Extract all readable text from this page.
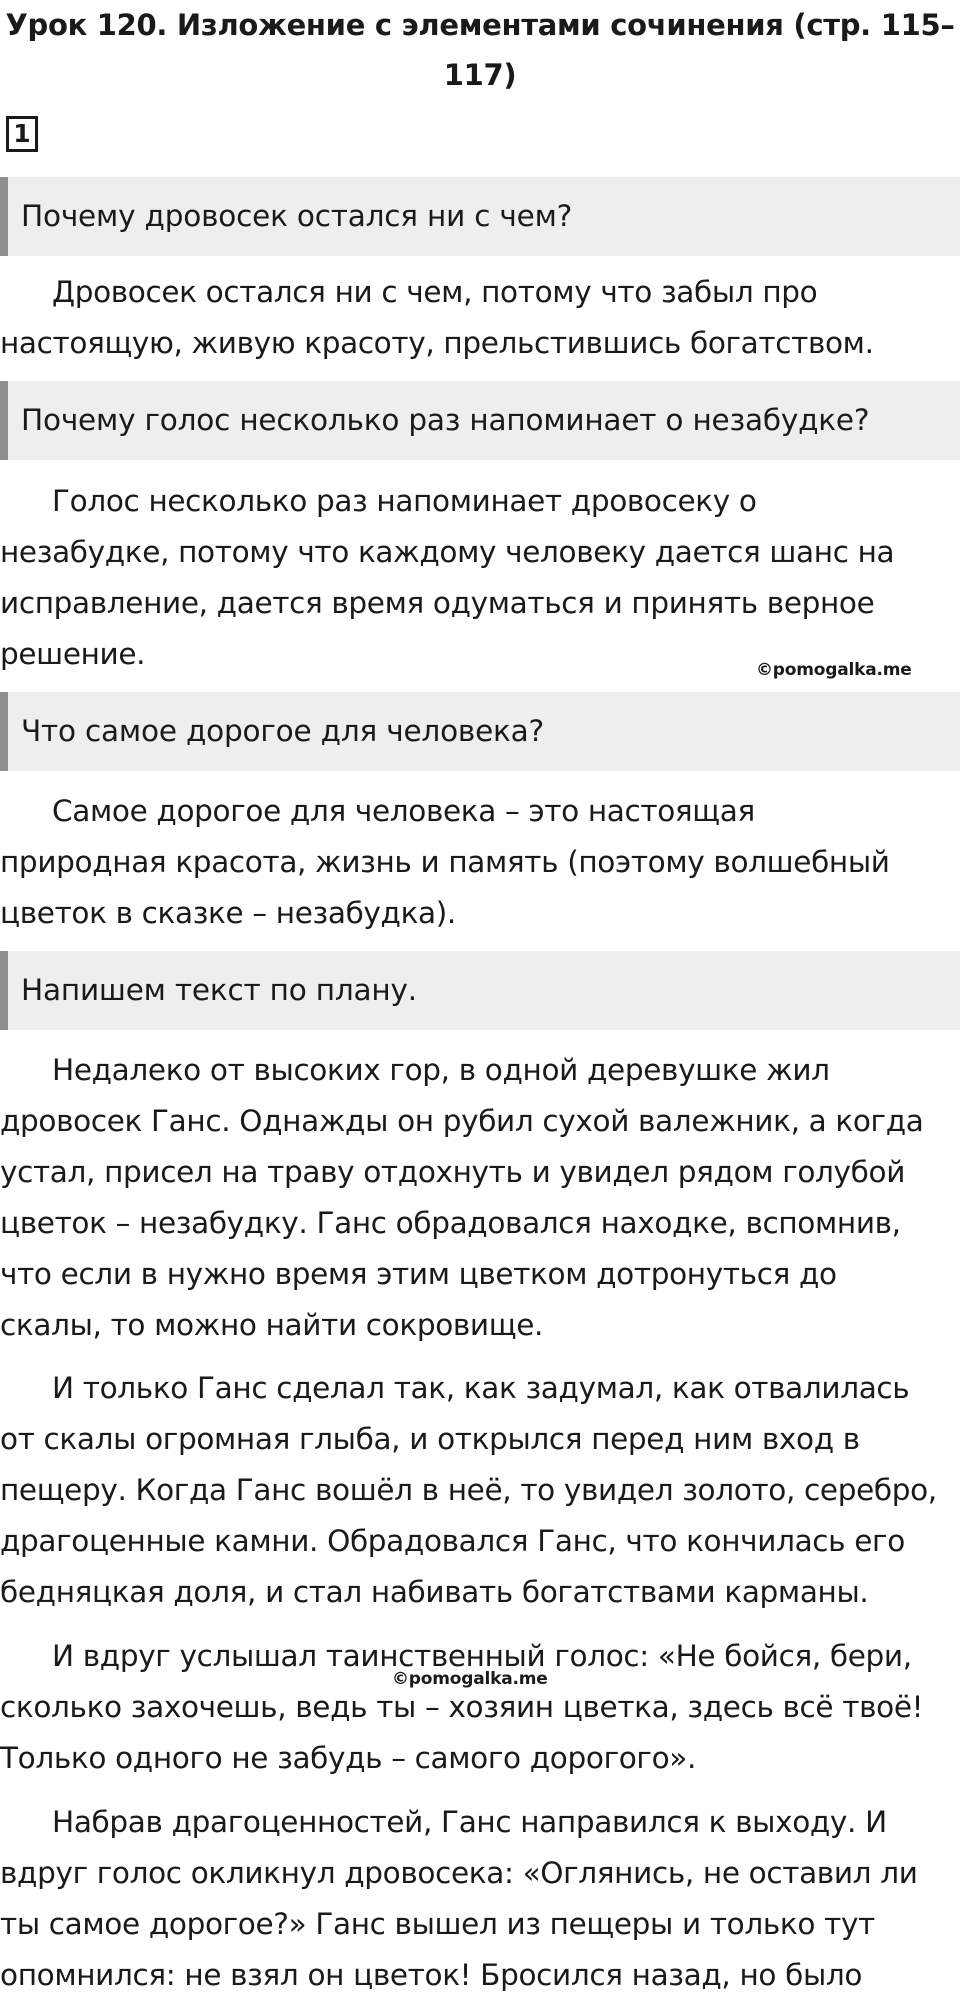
Урок 120. Изложение с элементами сочинения (стр. 115–
117)
1
Почему дровосек остался ни с чем?
Дровосек остался ни с чем, потому что забыл про
настоящую, живую красоту, прельстившись богатством.
Почему голос несколько раз напоминает о незабудке?
Голос несколько раз напоминает дровосеку о
незабудке, потому что каждому человеку дается шанс на
исправление, дается время одуматься и принять верное
решение.	©pomogalka.me
Что самое дорогое для человека?
Самое дорогое для человека – это настоящая
природная красота, жизнь и память (поэтому волшебный
цветок в сказке – незабудка).
Напишем текст по плану.
Недалеко от высоких гор, в одной деревушке жил
дровосек Ганс. Однажды он рубил сухой валежник, а когда
устал, присел на траву отдохнуть и увидел рядом голубой
цветок – незабудку. Ганс обрадовался находке, вспомнив,
что если в нужно время этим цветком дотронуться до
скалы, то можно найти сокровище.
И только Ганс сделал так, как задумал, как отвалилась
от скалы огромная глыба, и открылся перед ним вход в
пещеру. Когда Ганс вошёл в неё, то увидел золото, серебро,
драгоценные камни. Обрадовался Ганс, что кончилась его
бедняцкая доля, и стал набивать богатствами карманы.
И вдруг услышал таинственный голос: «Не бойся, бери,
сколько захочешь, ведь ты – хозяин цветка, здесь всё твоё!
Только одного не забудь – самого дорогого».
©pomogalka.me
Набрав драгоценностей, Ганс направился к выходу. И
вдруг голос окликнул дровосека: «Оглянись, не оставил ли
ты самое дорогое?» Ганс вышел из пещеры и только тут
опомнился: не взял он цветок! Бросился назад, но было
